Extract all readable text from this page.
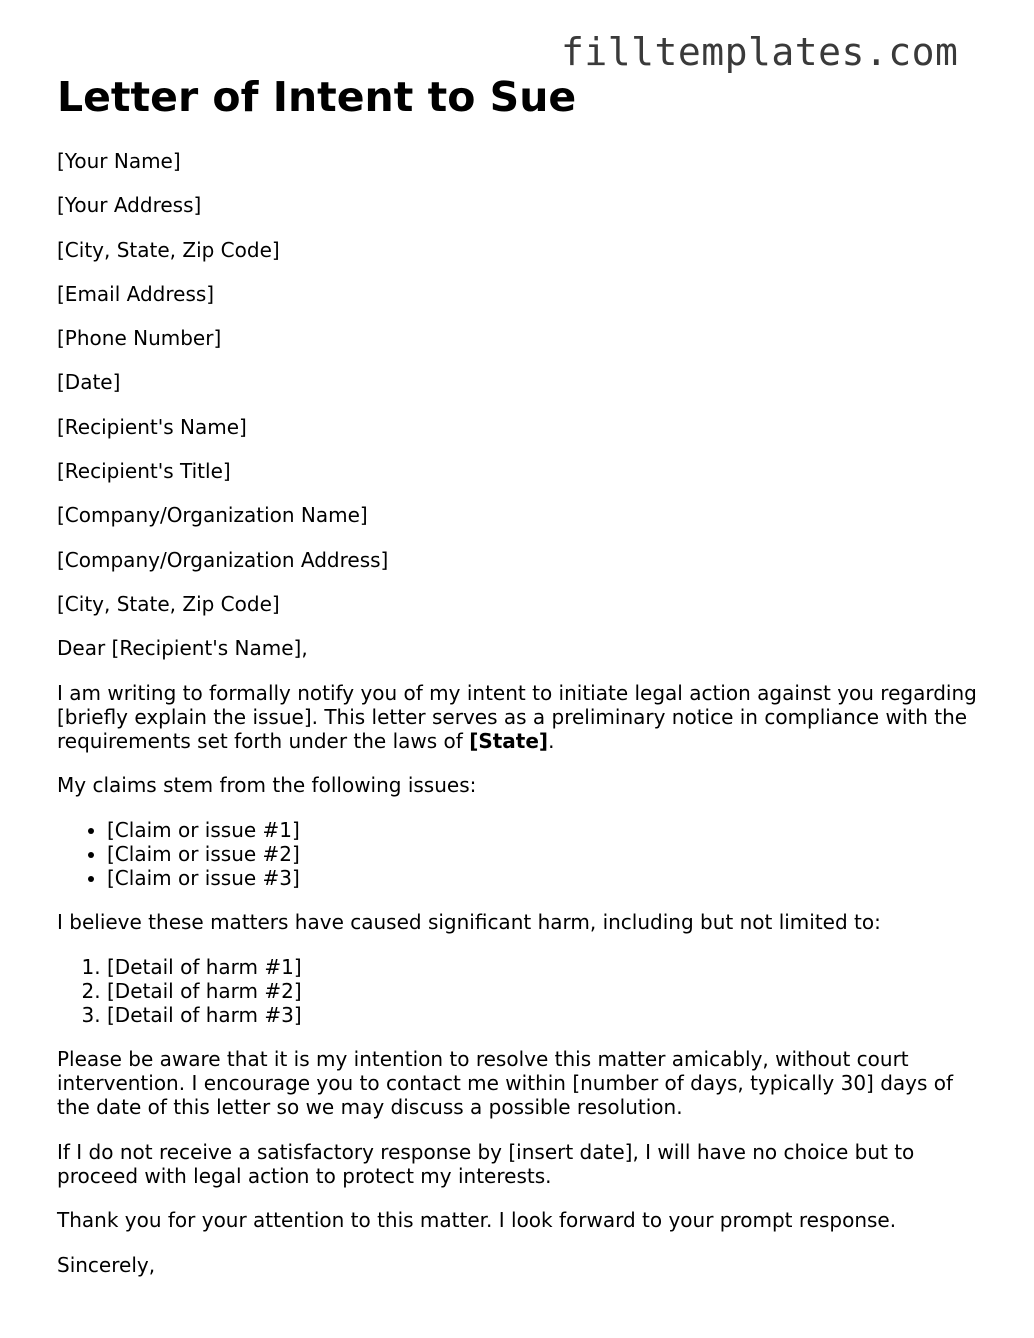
filltemplates.com
Letter of Intent to Sue
[Your Name]
[Your Address]
[City, State, Zip Code]
[Email Address]
[Phone Number]
[Date]
[Recipient's Name]
[Recipient's Title]
[Company/Organization Name]
[Company/Organization Address]
[City, State, Zip Code]
Dear [Recipient's Name],

I am writing to formally notify you of my intent to initiate legal action against you regarding [briefly explain the issue]. This letter serves as a preliminary notice in compliance with the requirements set forth under the laws of [State].

My claims stem from the following issues:

• [Claim or issue #1]
• [Claim or issue #2]
• [Claim or issue #3]

I believe these matters have caused significant harm, including but not limited to:

1. [Detail of harm #1]
2. [Detail of harm #2]
3. [Detail of harm #3]

Please be aware that it is my intention to resolve this matter amicably, without court intervention. I encourage you to contact me within [number of days, typically 30] days of the date of this letter so we may discuss a possible resolution.

If I do not receive a satisfactory response by [insert date], I will have no choice but to proceed with legal action to protect my interests.

Thank you for your attention to this matter. I look forward to your prompt response.

Sincerely,
